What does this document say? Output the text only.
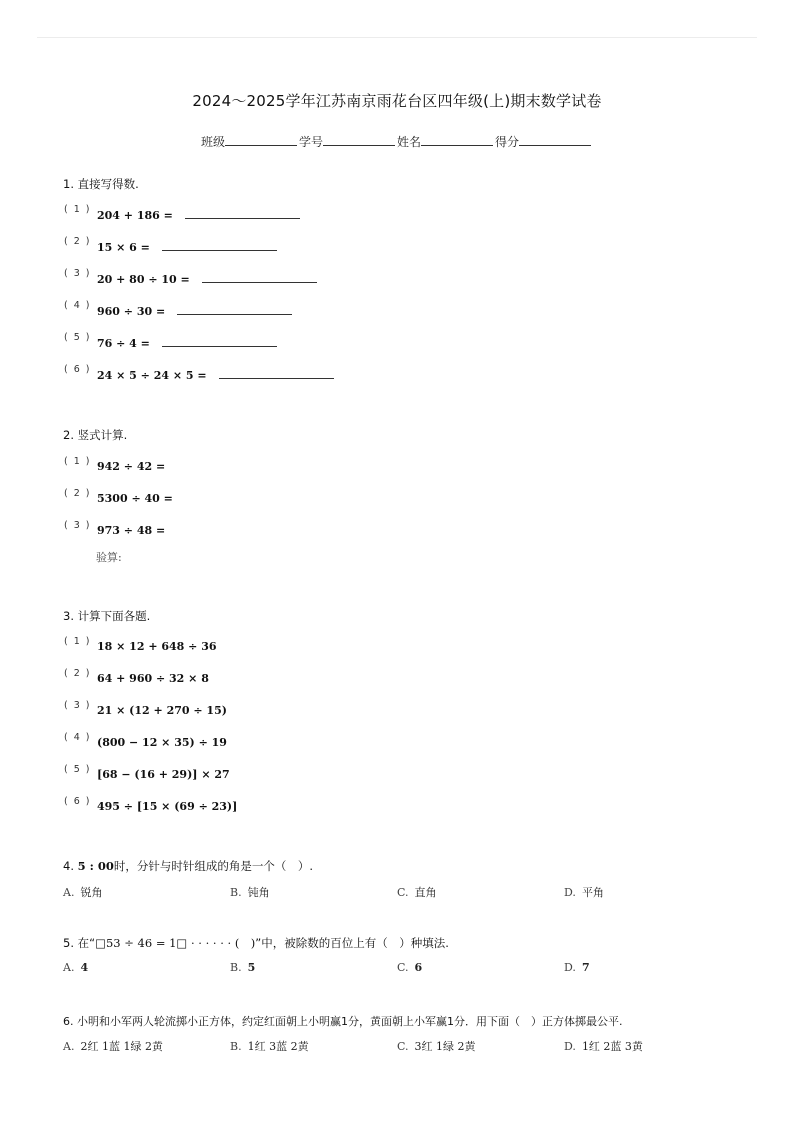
2024～2025学年江苏南京雨花台区四年级(上)期末数学试卷
班级	学号	姓名	得分
1. 直接写得数.
( 1 ) 204 + 186 =
( 2 ) 15 × 6 =
( 3 ) 20 + 80 ÷ 10 =
( 4 ) 960 ÷ 30 =
( 5 ) 76 ÷ 4 =
( 6 ) 24 × 5 ÷ 24 × 5 =
2. 竖式计算.
( 1 ) 942 ÷ 42 =
( 2 ) 5300 ÷ 40 =
( 3 ) 973 ÷ 48 =
验算:
3. 计算下面各题.
( 1 ) 18 × 12 + 648 ÷ 36
( 2 ) 64 + 960 ÷ 32 × 8
( 3 ) 21 × (12 + 270 ÷ 15)
( 4 ) (800 − 12 × 35) ÷ 19
( 5 ) [68 − (16 + 29)] × 27
( 6 ) 495 ÷ [15 × (69 ÷ 23)]
4. 5 : 00时，分针与时针组成的角是一个（　）.
A. 锐角	B. 钝角	C. 直角	D. 平角
5. 在“□53 ÷ 46 = 1□ · · · · · · (　)”中，被除数的百位上有（　）种填法.
A. 4	B. 5	C. 6	D. 7
6. 小明和小军两人轮流掷小正方体，约定红面朝上小明赢1分，黄面朝上小军赢1分．用下面（　）正方体掷最公平.
A. 2红 1蓝 1绿 2黄	B. 1红 3蓝 2黄	C. 3红 1绿 2黄	D. 1红 2蓝 3黄
